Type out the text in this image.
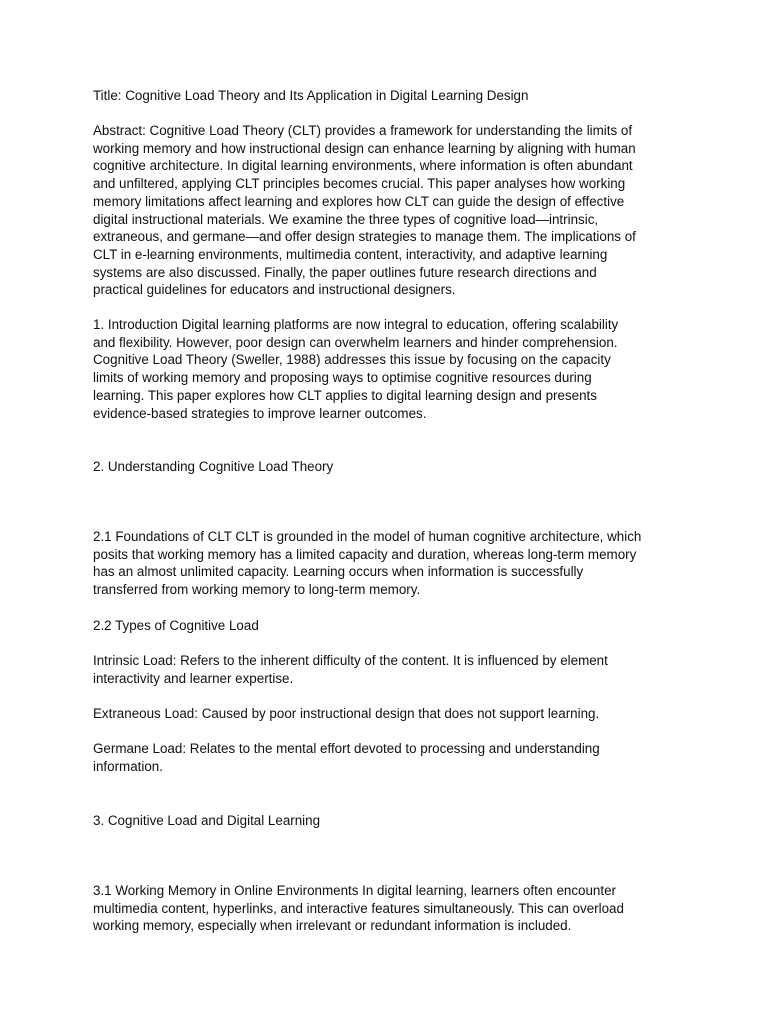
Title: Cognitive Load Theory and Its Application in Digital Learning Design

Abstract: Cognitive Load Theory (CLT) provides a framework for understanding the limits of
working memory and how instructional design can enhance learning by aligning with human
cognitive architecture. In digital learning environments, where information is often abundant
and unfiltered, applying CLT principles becomes crucial. This paper analyses how working
memory limitations affect learning and explores how CLT can guide the design of effective
digital instructional materials. We examine the three types of cognitive load—intrinsic,
extraneous, and germane—and offer design strategies to manage them. The implications of
CLT in e-learning environments, multimedia content, interactivity, and adaptive learning
systems are also discussed. Finally, the paper outlines future research directions and
practical guidelines for educators and instructional designers.

1. Introduction Digital learning platforms are now integral to education, offering scalability
and flexibility. However, poor design can overwhelm learners and hinder comprehension.
Cognitive Load Theory (Sweller, 1988) addresses this issue by focusing on the capacity
limits of working memory and proposing ways to optimise cognitive resources during
learning. This paper explores how CLT applies to digital learning design and presents
evidence-based strategies to improve learner outcomes.

2. Understanding Cognitive Load Theory

2.1 Foundations of CLT CLT is grounded in the model of human cognitive architecture, which
posits that working memory has a limited capacity and duration, whereas long-term memory
has an almost unlimited capacity. Learning occurs when information is successfully
transferred from working memory to long-term memory.

2.2 Types of Cognitive Load

Intrinsic Load: Refers to the inherent difficulty of the content. It is influenced by element
interactivity and learner expertise.

Extraneous Load: Caused by poor instructional design that does not support learning.

Germane Load: Relates to the mental effort devoted to processing and understanding
information.

3. Cognitive Load and Digital Learning

3.1 Working Memory in Online Environments In digital learning, learners often encounter
multimedia content, hyperlinks, and interactive features simultaneously. This can overload
working memory, especially when irrelevant or redundant information is included.
